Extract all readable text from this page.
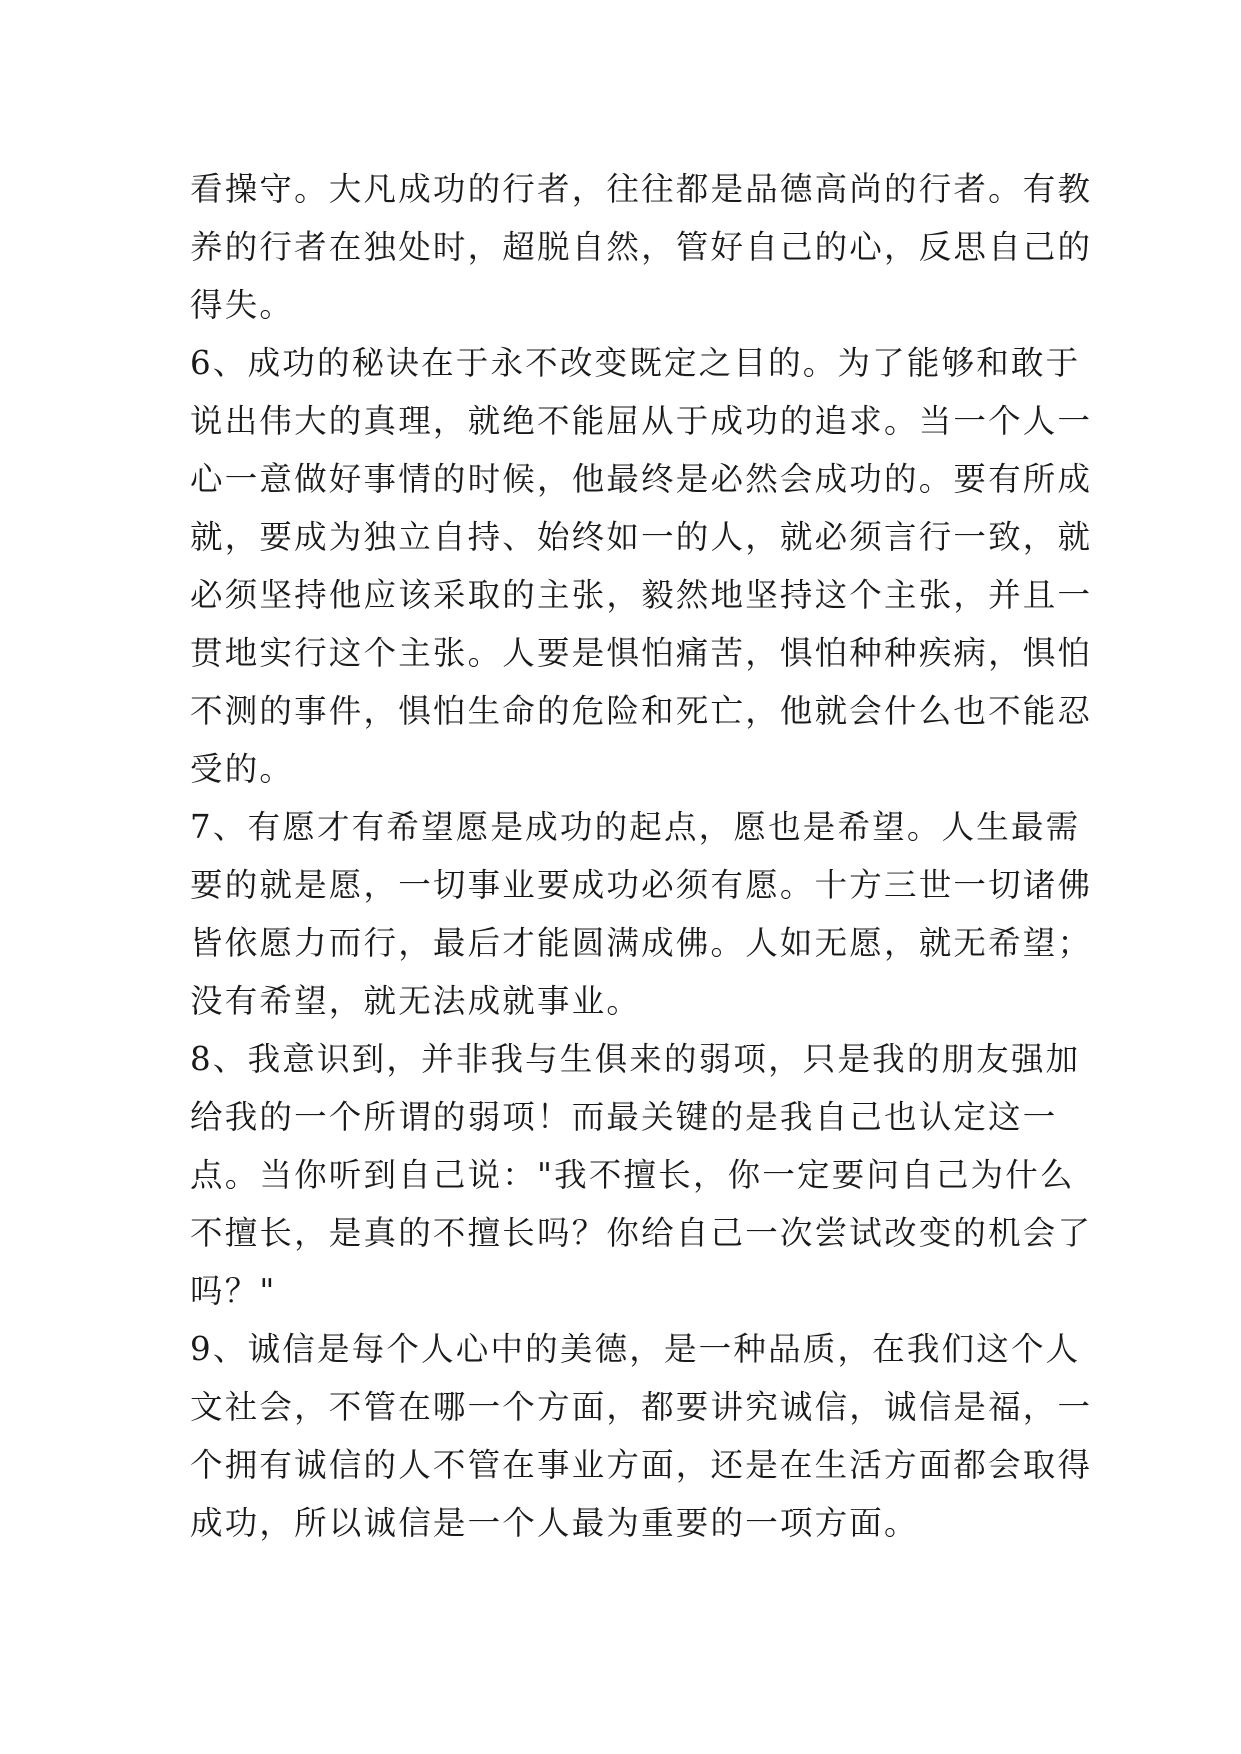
看操守。大凡成功的行者，往往都是品德高尚的行者。有教
养的行者在独处时，超脱自然，管好自己的心，反思自己的
得失。
6、成功的秘诀在于永不改变既定之目的。为了能够和敢于
说出伟大的真理，就绝不能屈从于成功的追求。当一个人一
心一意做好事情的时候，他最终是必然会成功的。要有所成
就，要成为独立自持、始终如一的人，就必须言行一致，就
必须坚持他应该采取的主张，毅然地坚持这个主张，并且一
贯地实行这个主张。人要是惧怕痛苦，惧怕种种疾病，惧怕
不测的事件，惧怕生命的危险和死亡，他就会什么也不能忍
受的。
7、有愿才有希望愿是成功的起点，愿也是希望。人生最需
要的就是愿，一切事业要成功必须有愿。十方三世一切诸佛
皆依愿力而行，最后才能圆满成佛。人如无愿，就无希望；
没有希望，就无法成就事业。
8、我意识到，并非我与生俱来的弱项，只是我的朋友强加
给我的一个所谓的弱项！而最关键的是我自己也认定这一
点。当你听到自己说："我不擅长，你一定要问自己为什么
不擅长，是真的不擅长吗？你给自己一次尝试改变的机会了
吗？"
9、诚信是每个人心中的美德，是一种品质，在我们这个人
文社会，不管在哪一个方面，都要讲究诚信，诚信是福，一
个拥有诚信的人不管在事业方面，还是在生活方面都会取得
成功，所以诚信是一个人最为重要的一项方面。
